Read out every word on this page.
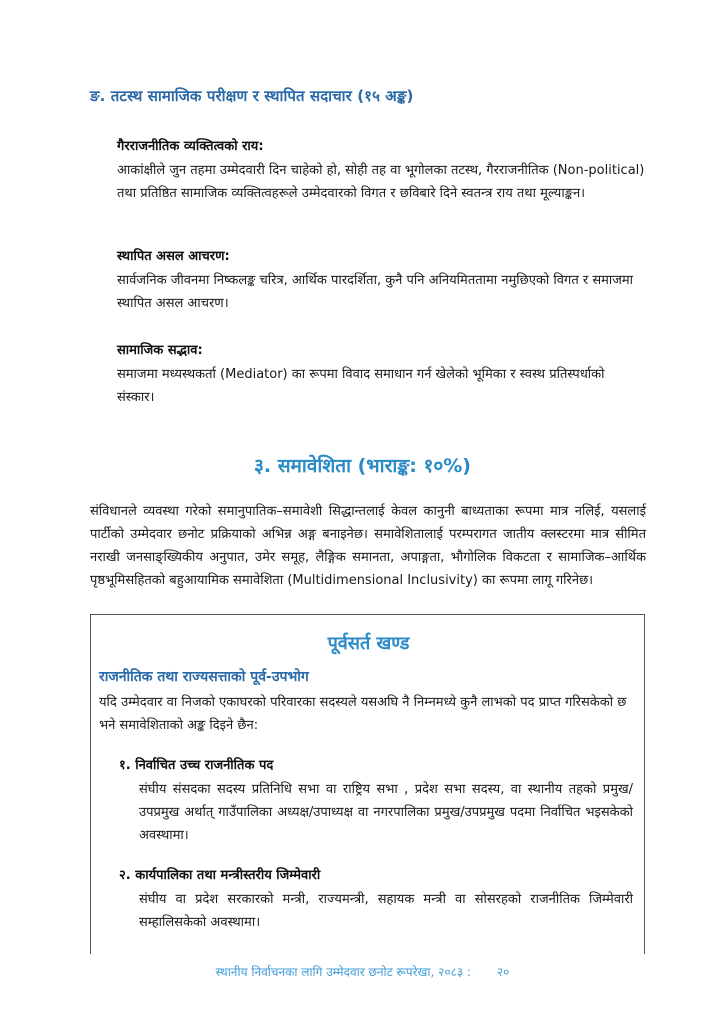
ङ. तटस्थ सामाजिक परीक्षण र स्थापित सदाचार (१५ अङ्क)
गैरराजनीतिक व्यक्तित्वको राय:
आकांक्षीले जुन तहमा उम्मेदवारी दिन चाहेको हो, सोही तह वा भूगोलका तटस्थ, गैरराजनीतिक (Non-political) तथा प्रतिष्ठित सामाजिक व्यक्तित्वहरूले उम्मेदवारको विगत र छविबारे दिने स्वतन्त्र राय तथा मूल्याङ्कन।
स्थापित असल आचरण:
सार्वजनिक जीवनमा निष्कलङ्क चरित्र, आर्थिक पारदर्शिता, कुनै पनि अनियमिततामा नमुछिएको विगत र समाजमा स्थापित असल आचरण।
सामाजिक सद्भाव:
समाजमा मध्यस्थकर्ता (Mediator) का रूपमा विवाद समाधान गर्न खेलेको भूमिका र स्वस्थ प्रतिस्पर्धाको संस्कार।
३. समावेशिता (भाराङ्क: १०%)
संविधानले व्यवस्था गरेको समानुपातिक–समावेशी सिद्धान्तलाई केवल कानुनी बाध्यताका रूपमा मात्र नलिई, यसलाई पार्टीको उम्मेदवार छनोट प्रक्रियाको अभिन्न अङ्ग बनाइनेछ। समावेशितालाई परम्परागत जातीय क्लस्टरमा मात्र सीमित नराखी जनसाङ्ख्यिकीय अनुपात, उमेर समूह, लैङ्गिक समानता, अपाङ्गता, भौगोलिक विकटता र सामाजिक–आर्थिक पृष्ठभूमिसहितको बहुआयामिक समावेशिता (Multidimensional Inclusivity) का रूपमा लागू गरिनेछ।
पूर्वसर्त खण्ड
राजनीतिक तथा राज्यसत्ताको पूर्व-उपभोग
यदि उम्मेदवार वा निजको एकाघरको परिवारका सदस्यले यसअघि नै निम्नमध्ये कुनै लाभको पद प्राप्त गरिसकेको छ भने समावेशिताको अङ्क दिइने छैन:
१. निर्वाचित उच्च राजनीतिक पद
संघीय संसदका सदस्य प्रतिनिधि सभा वा राष्ट्रिय सभा , प्रदेश सभा सदस्य, वा स्थानीय तहको प्रमुख/उपप्रमुख अर्थात् गाउँपालिका अध्यक्ष/उपाध्यक्ष वा नगरपालिका प्रमुख/उपप्रमुख पदमा निर्वाचित भइसकेको अवस्थामा।
२. कार्यपालिका तथा मन्त्रीस्तरीय जिम्मेवारी
संघीय वा प्रदेश सरकारको मन्त्री, राज्यमन्त्री, सहायक मन्त्री वा सोसरहको राजनीतिक जिम्मेवारी सम्हालिसकेको अवस्थामा।
स्थानीय निर्वाचनका लागि उम्मेदवार छनोट रूपरेखा, २०८३ : २०
